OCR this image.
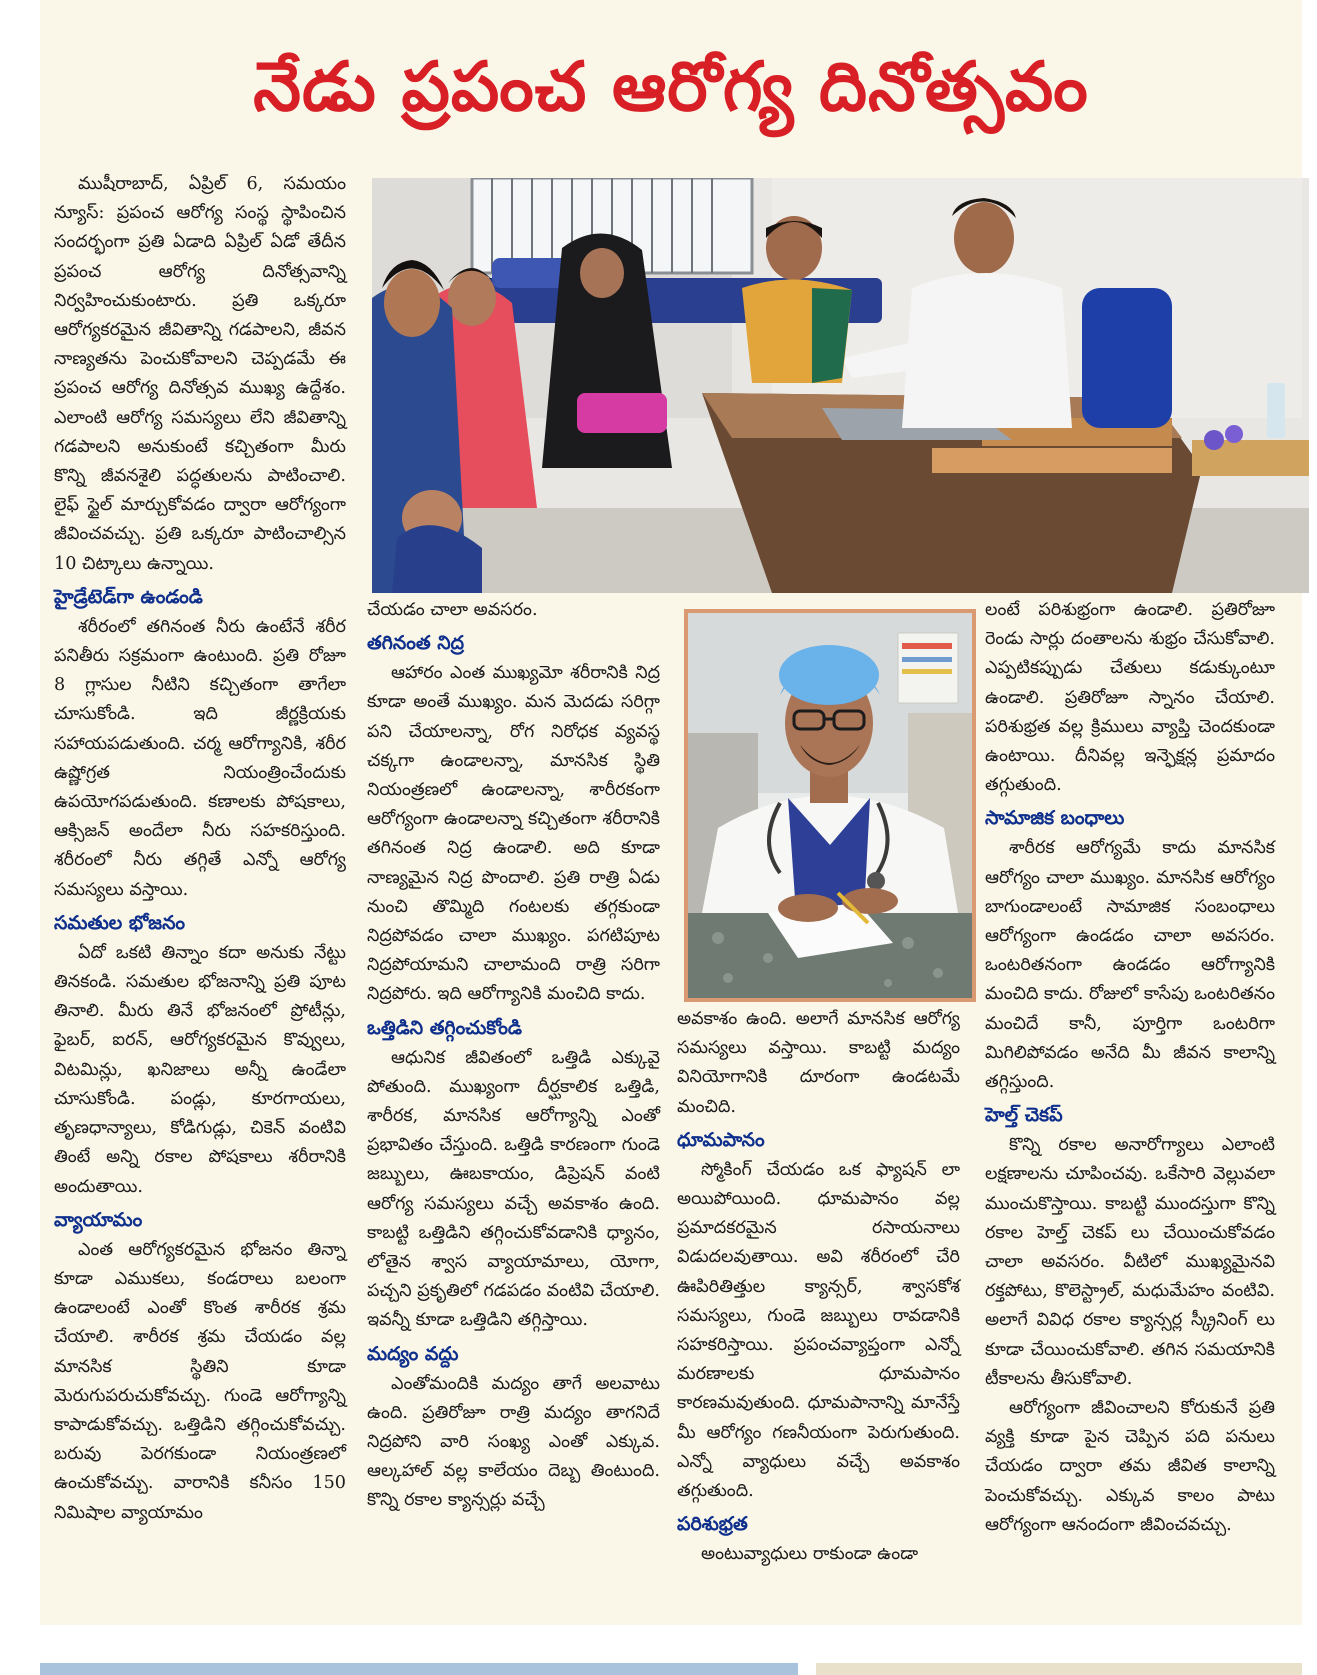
నేడు ప్రపంచ ఆరోగ్య దినోత్సవం

ముషీరాబాద్, ఏప్రిల్ 6, సమయం న్యూస్: ప్రపంచ ఆరోగ్య సంస్థ స్థాపించిన సందర్భంగా ప్రతి ఏడాది ఏప్రిల్ ఏడో తేదీన ప్రపంచ ఆరోగ్య దినోత్సవాన్ని నిర్వహించుకుంటారు. ప్రతి ఒక్కరూ ఆరోగ్యకరమైన జీవితాన్ని గడపాలని, జీవన నాణ్యతను పెంచుకోవాలని చెప్పడమే ఈ ప్రపంచ ఆరోగ్య దినోత్సవ ముఖ్య ఉద్దేశం. ఎలాంటి ఆరోగ్య సమస్యలు లేని జీవితాన్ని గడపాలని అనుకుంటే కచ్చితంగా మీరు కొన్ని జీవనశైలి పద్ధతులను పాటించాలి. లైఫ్ స్టైల్ మార్చుకోవడం ద్వారా ఆరోగ్యంగా జీవించవచ్చు. ప్రతి ఒక్కరూ పాటించాల్సిన 10 చిట్కాలు ఉన్నాయి.

హైడ్రేటెడ్‌గా ఉండండి

శరీరంలో తగినంత నీరు ఉంటేనే శరీర పనితీరు సక్రమంగా ఉంటుంది. ప్రతి రోజూ 8 గ్లాసుల నీటిని కచ్చితంగా తాగేలా చూసుకోండి. ఇది జీర్ణక్రియకు సహాయపడుతుంది. చర్మ ఆరోగ్యానికి, శరీర ఉష్ణోగ్రత నియంత్రించేందుకు ఉపయోగపడుతుంది. కణాలకు పోషకాలు, ఆక్సిజన్ అందేలా నీరు సహకరిస్తుంది. శరీరంలో నీరు తగ్గితే ఎన్నో ఆరోగ్య సమస్యలు వస్తాయి.

సమతుల భోజనం

ఏదో ఒకటి తిన్నాం కదా అనుకు నేట్టు తినకండి. సమతుల భోజనాన్ని ప్రతి పూట తినాలి. మీరు తినే భోజనంలో ప్రోటీన్లు, ఫైబర్, ఐరన్, ఆరోగ్యకరమైన కొవ్వులు, విటమిన్లు, ఖనిజాలు అన్నీ ఉండేలా చూసుకోండి. పండ్లు, కూరగాయలు, తృణధాన్యాలు, కోడిగుడ్లు, చికెన్ వంటివి తింటే అన్ని రకాల పోషకాలు శరీరానికి అందుతాయి.

వ్యాయామం

ఎంత ఆరోగ్యకరమైన భోజనం తిన్నా కూడా ఎముకలు, కండరాలు బలంగా ఉండాలంటే ఎంతో కొంత శారీరక శ్రమ చేయాలి. శారీరక శ్రమ చేయడం వల్ల మానసిక స్థితిని కూడా మెరుగుపరుచుకోవచ్చు. గుండె ఆరోగ్యాన్ని కాపాడుకోవచ్చు. ఒత్తిడిని తగ్గించుకోవచ్చు. బరువు పెరగకుండా నియంత్రణలో ఉంచుకోవచ్చు. వారానికి కనీసం 150 నిమిషాల వ్యాయామం

చేయడం చాలా అవసరం.

తగినంత నిద్ర

ఆహారం ఎంత ముఖ్యమో శరీరానికి నిద్ర కూడా అంతే ముఖ్యం. మన మెదడు సరిగ్గా పని చేయాలన్నా, రోగ నిరోధక వ్యవస్థ చక్కగా ఉండాలన్నా, మానసిక స్థితి నియంత్రణలో ఉండాలన్నా, శారీరకంగా ఆరోగ్యంగా ఉండాలన్నా కచ్చితంగా శరీరానికి తగినంత నిద్ర ఉండాలి. అది కూడా నాణ్యమైన నిద్ర పొందాలి. ప్రతి రాత్రి ఏడు నుంచి తొమ్మిది గంటలకు తగ్గకుండా నిద్రపోవడం చాలా ముఖ్యం. పగటిపూట నిద్రపోయామని చాలామంది రాత్రి సరిగా నిద్రపోరు. ఇది ఆరోగ్యానికి మంచిది కాదు.

ఒత్తిడిని తగ్గించుకోండి

ఆధునిక జీవితంలో ఒత్తిడి ఎక్కువై పోతుంది. ముఖ్యంగా దీర్ఘకాలిక ఒత్తిడి, శారీరక, మానసిక ఆరోగ్యాన్ని ఎంతో ప్రభావితం చేస్తుంది. ఒత్తిడి కారణంగా గుండె జబ్బులు, ఊబకాయం, డిప్రెషన్ వంటి ఆరోగ్య సమస్యలు వచ్చే అవకాశం ఉంది. కాబట్టి ఒత్తిడిని తగ్గించుకోవడానికి ధ్యానం, లోతైన శ్వాస వ్యాయామాలు, యోగా, పచ్చని ప్రకృతిలో గడపడం వంటివి చేయాలి. ఇవన్నీ కూడా ఒత్తిడిని తగ్గిస్తాయి.

మద్యం వద్దు

ఎంతోమందికి మద్యం తాగే అలవాటు ఉంది. ప్రతిరోజూ రాత్రి మద్యం తాగనిదే నిద్రపోని వారి సంఖ్య ఎంతో ఎక్కువ. ఆల్కహాల్ వల్ల కాలేయం దెబ్బ తింటుంది. కొన్ని రకాల క్యాన్సర్లు వచ్చే

అవకాశం ఉంది. అలాగే మానసిక ఆరోగ్య సమస్యలు వస్తాయి. కాబట్టి మద్యం వినియోగానికి దూరంగా ఉండటమే మంచిది.

ధూమపానం

స్మోకింగ్ చేయడం ఒక ఫ్యాషన్ లా అయిపోయింది. ధూమపానం వల్ల ప్రమాదకరమైన రసాయనాలు విడుదలవుతాయి. అవి శరీరంలో చేరి ఊపిరితిత్తుల క్యాన్సర్, శ్వాసకోశ సమస్యలు, గుండె జబ్బులు రావడానికి సహకరిస్తాయి. ప్రపంచవ్యాప్తంగా ఎన్నో మరణాలకు ధూమపానం కారణమవుతుంది. ధూమపానాన్ని మానేస్తే మీ ఆరోగ్యం గణనీయంగా పెరుగుతుంది. ఎన్నో వ్యాధులు వచ్చే అవకాశం తగ్గుతుంది.

పరిశుభ్రత

అంటువ్యాధులు రాకుండా ఉండా

లంటే పరిశుభ్రంగా ఉండాలి. ప్రతిరోజూ రెండు సార్లు దంతాలను శుభ్రం చేసుకోవాలి. ఎప్పటికప్పుడు చేతులు కడుక్కుంటూ ఉండాలి. ప్రతిరోజూ స్నానం చేయాలి. పరిశుభ్రత వల్ల క్రిములు వ్యాప్తి చెందకుండా ఉంటాయి. దీనివల్ల ఇన్ఫెక్షన్ల ప్రమాదం తగ్గుతుంది.

సామాజిక బంధాలు

శారీరక ఆరోగ్యమే కాదు మానసిక ఆరోగ్యం చాలా ముఖ్యం. మానసిక ఆరోగ్యం బాగుండాలంటే సామాజిక సంబంధాలు ఆరోగ్యంగా ఉండడం చాలా అవసరం. ఒంటరితనంగా ఉండడం ఆరోగ్యానికి మంచిది కాదు. రోజులో కాసేపు ఒంటరితనం మంచిదే కానీ, పూర్తిగా ఒంటరిగా మిగిలిపోవడం అనేది మీ జీవన కాలాన్ని తగ్గిస్తుంది.

హెల్త్ చెకప్

కొన్ని రకాల అనారోగ్యాలు ఎలాంటి లక్షణాలను చూపించవు. ఒకేసారి వెల్లువలా ముంచుకొస్తాయి. కాబట్టి ముందస్తుగా కొన్ని రకాల హెల్త్ చెకప్ లు చేయించుకోవడం చాలా అవసరం. వీటిలో ముఖ్యమైనవి రక్తపోటు, కొలెస్ట్రాల్, మధుమేహం వంటివి. అలాగే వివిధ రకాల క్యాన్సర్ల స్క్రీనింగ్ లు కూడా చేయించుకోవాలి. తగిన సమయానికి టీకాలను తీసుకోవాలి.

ఆరోగ్యంగా జీవించాలని కోరుకునే ప్రతి వ్యక్తి కూడా పైన చెప్పిన పది పనులు చేయడం ద్వారా తమ జీవిత కాలాన్ని పెంచుకోవచ్చు. ఎక్కువ కాలం పాటు ఆరోగ్యంగా ఆనందంగా జీవించవచ్చు.
